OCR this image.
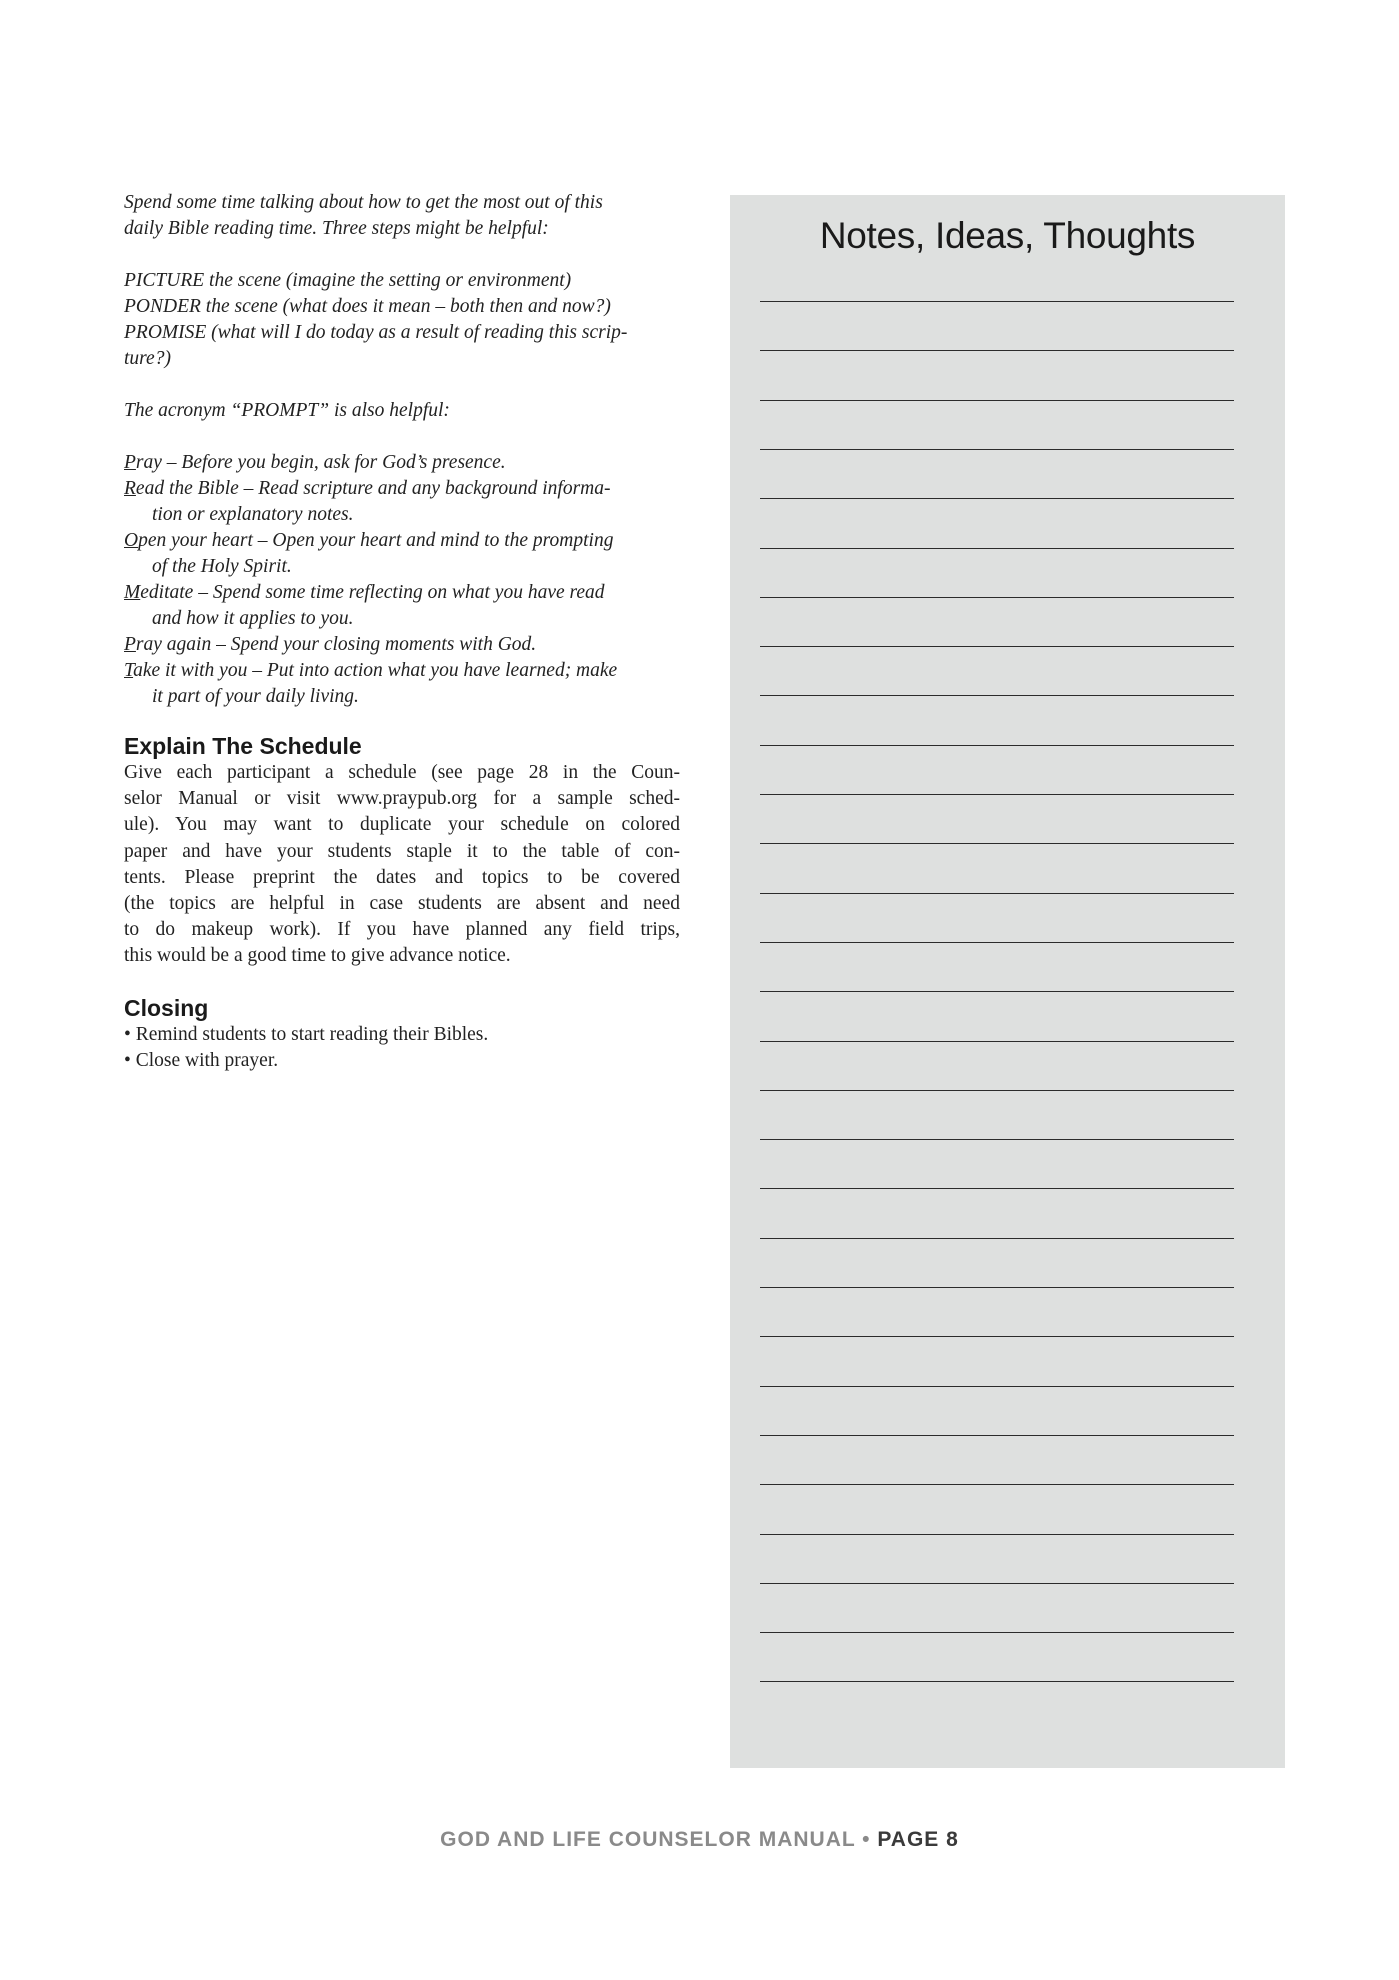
Spend some time talking about how to get the most out of this
daily Bible reading time. Three steps might be helpful:

PICTURE the scene (imagine the setting or environment)
PONDER the scene (what does it mean – both then and now?)
PROMISE (what will I do today as a result of reading this scrip-
ture?)

The acronym “PROMPT” is also helpful:

Pray – Before you begin, ask for God’s presence.
Read the Bible – Read scripture and any background informa-
tion or explanatory notes.
Open your heart – Open your heart and mind to the prompting
of the Holy Spirit.
Meditate – Spend some time reflecting on what you have read
and how it applies to you.
Pray again – Spend your closing moments with God.
Take it with you – Put into action what you have learned; make
it part of your daily living.
Explain The Schedule
Give each participant a schedule (see page 28 in the Coun-
selor Manual or visit www.praypub.org for a sample sched-
ule). You may want to duplicate your schedule on colored
paper and have your students staple it to the table of con-
tents. Please preprint the dates and topics to be covered
(the topics are helpful in case students are absent and need
to do makeup work). If you have planned any field trips,
this would be a good time to give advance notice.
Closing
• Remind students to start reading their Bibles.
• Close with prayer.
Notes, Ideas, Thoughts
GOD AND LIFE COUNSELOR MANUAL • PAGE 8
